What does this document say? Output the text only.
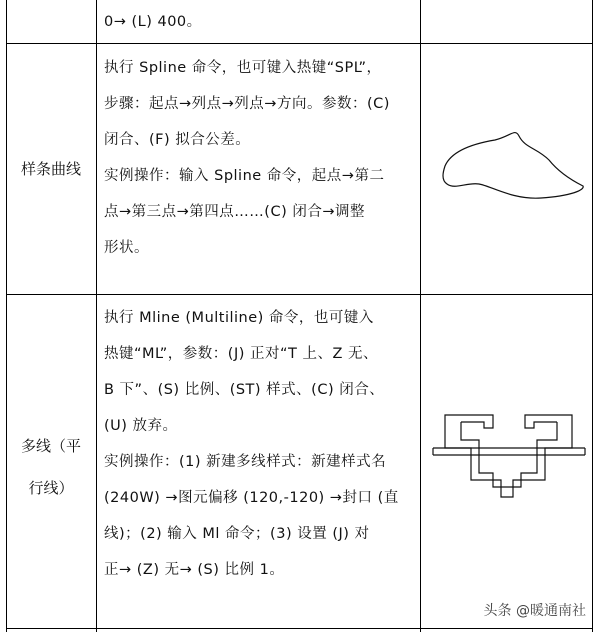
0→ (L) 400。

样条曲线

执行 Spline 命令，也可键入热键“SPL”，

步骤：起点→列点→列点→方向。参数：(C)

闭合、(F) 拟合公差。

实例操作：输入 Spline 命令，起点→第二

点→第三点→第四点……(C) 闭合→调整

形状。

多线（平
行线）

执行 Mline (Multiline) 命令，也可键入

热键“ML”，参数：(J) 正对“T 上、Z 无、

B 下”、(S) 比例、(ST) 样式、(C) 闭合、

(U) 放弃。

实例操作：(1) 新建多线样式：新建样式名

(240W) →图元偏移 (120,-120) →封口 (直

线)；(2) 输入 Ml 命令；(3) 设置 (J) 对

正→ (Z) 无→ (S) 比例 1。

头条 @暖通南社
